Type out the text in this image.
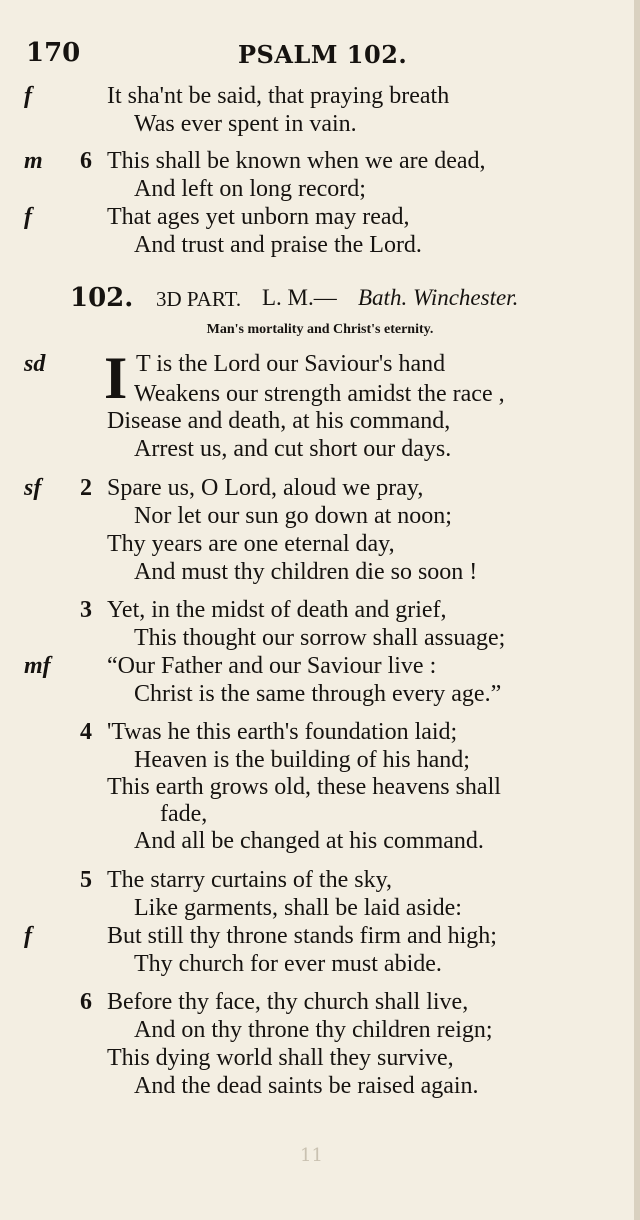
170	PSALM 102.
f	It sha'nt be said, that praying breath
Was ever spent in vain.
m 6 This shall be known when we are dead,
And left on long record;
f	That ages yet unborn may read,
And trust and praise the Lord.
102. 3D PART. L. M.— Bath. Winchester.
Man's mortality and Christ's eternity.
I
sd	T is the Lord our Saviour's hand
Weakens our strength amidst the race ,
Disease and death, at his command,
Arrest us, and cut short our days.
sf 2 Spare us, O Lord, aloud we pray,
Nor let our sun go down at noon;
Thy years are one eternal day,
And must thy children die so soon !
3 Yet, in the midst of death and grief,
This thought our sorrow shall assuage;
mf “Our Father and our Saviour live :
Christ is the same through every age.”
4 'Twas he this earth's foundation laid;
Heaven is the building of his hand;
This earth grows old, these heavens shall
fade,
And all be changed at his command.
5 The starry curtains of the sky,
Like garments, shall be laid aside:
f	But still thy throne stands firm and high;
Thy church for ever must abide.
6 Before thy face, thy church shall live,
And on thy throne thy children reign;
This dying world shall they survive,
And the dead saints be raised again.
11
